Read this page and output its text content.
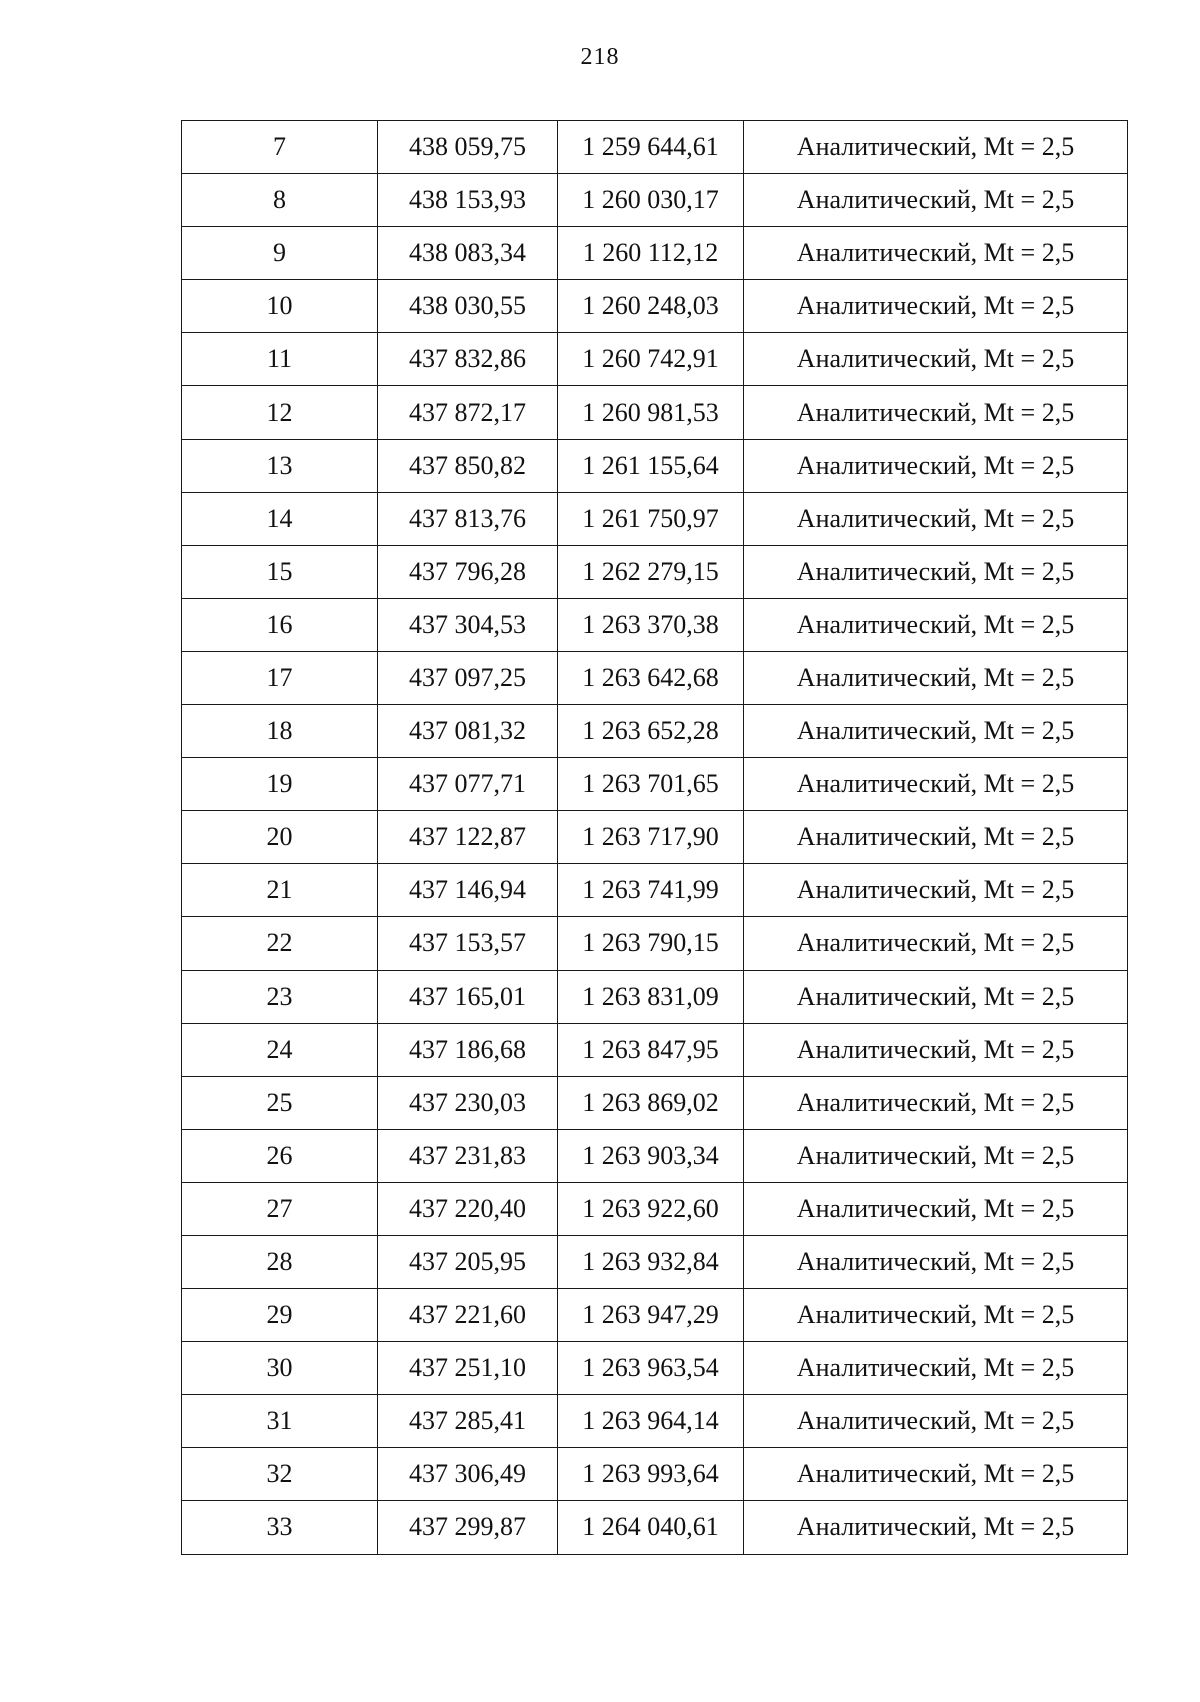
218
7	438 059,75	1 259 644,61	Аналитический, Mt = 2,5
8	438 153,93	1 260 030,17	Аналитический, Mt = 2,5
9	438 083,34	1 260 112,12	Аналитический, Mt = 2,5
10	438 030,55	1 260 248,03	Аналитический, Mt = 2,5
11	437 832,86	1 260 742,91	Аналитический, Mt = 2,5
12	437 872,17	1 260 981,53	Аналитический, Mt = 2,5
13	437 850,82	1 261 155,64	Аналитический, Mt = 2,5
14	437 813,76	1 261 750,97	Аналитический, Mt = 2,5
15	437 796,28	1 262 279,15	Аналитический, Mt = 2,5
16	437 304,53	1 263 370,38	Аналитический, Mt = 2,5
17	437 097,25	1 263 642,68	Аналитический, Mt = 2,5
18	437 081,32	1 263 652,28	Аналитический, Mt = 2,5
19	437 077,71	1 263 701,65	Аналитический, Mt = 2,5
20	437 122,87	1 263 717,90	Аналитический, Mt = 2,5
21	437 146,94	1 263 741,99	Аналитический, Mt = 2,5
22	437 153,57	1 263 790,15	Аналитический, Mt = 2,5
23	437 165,01	1 263 831,09	Аналитический, Mt = 2,5
24	437 186,68	1 263 847,95	Аналитический, Mt = 2,5
25	437 230,03	1 263 869,02	Аналитический, Mt = 2,5
26	437 231,83	1 263 903,34	Аналитический, Mt = 2,5
27	437 220,40	1 263 922,60	Аналитический, Mt = 2,5
28	437 205,95	1 263 932,84	Аналитический, Mt = 2,5
29	437 221,60	1 263 947,29	Аналитический, Mt = 2,5
30	437 251,10	1 263 963,54	Аналитический, Mt = 2,5
31	437 285,41	1 263 964,14	Аналитический, Mt = 2,5
32	437 306,49	1 263 993,64	Аналитический, Mt = 2,5
33	437 299,87	1 264 040,61	Аналитический, Mt = 2,5
